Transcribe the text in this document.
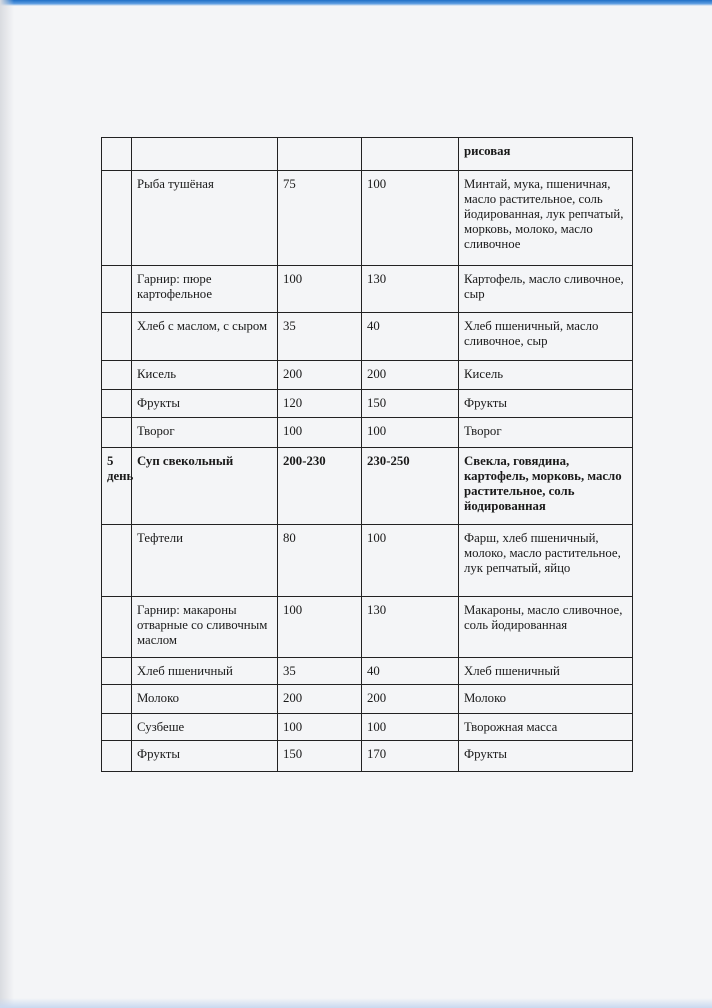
				рисовая
	Рыба тушёная	75	100	Минтай, мука, пшеничная, масло растительное, соль йодированная, лук репчатый, морковь, молоко, масло сливочное
	Гарнир: пюре картофельное	100	130	Картофель, масло сливочное, сыр
	Хлеб с маслом, с сыром	35	40	Хлеб пшеничный, масло сливочное, сыр
	Кисель	200	200	Кисель
	Фрукты	120	150	Фрукты
	Творог	100	100	Творог
5 день	Суп свекольный	200-230	230-250	Свекла, говядина, картофель, морковь, масло растительное, соль йодированная
	Тефтели	80	100	Фарш, хлеб пшеничный, молоко, масло растительное, лук репчатый, яйцо
	Гарнир: макароны отварные со сливочным маслом	100	130	Макароны, масло сливочное, соль йодированная
	Хлеб пшеничный	35	40	Хлеб пшеничный
	Молоко	200	200	Молоко
	Сузбеше	100	100	Творожная масса
	Фрукты	150	170	Фрукты
